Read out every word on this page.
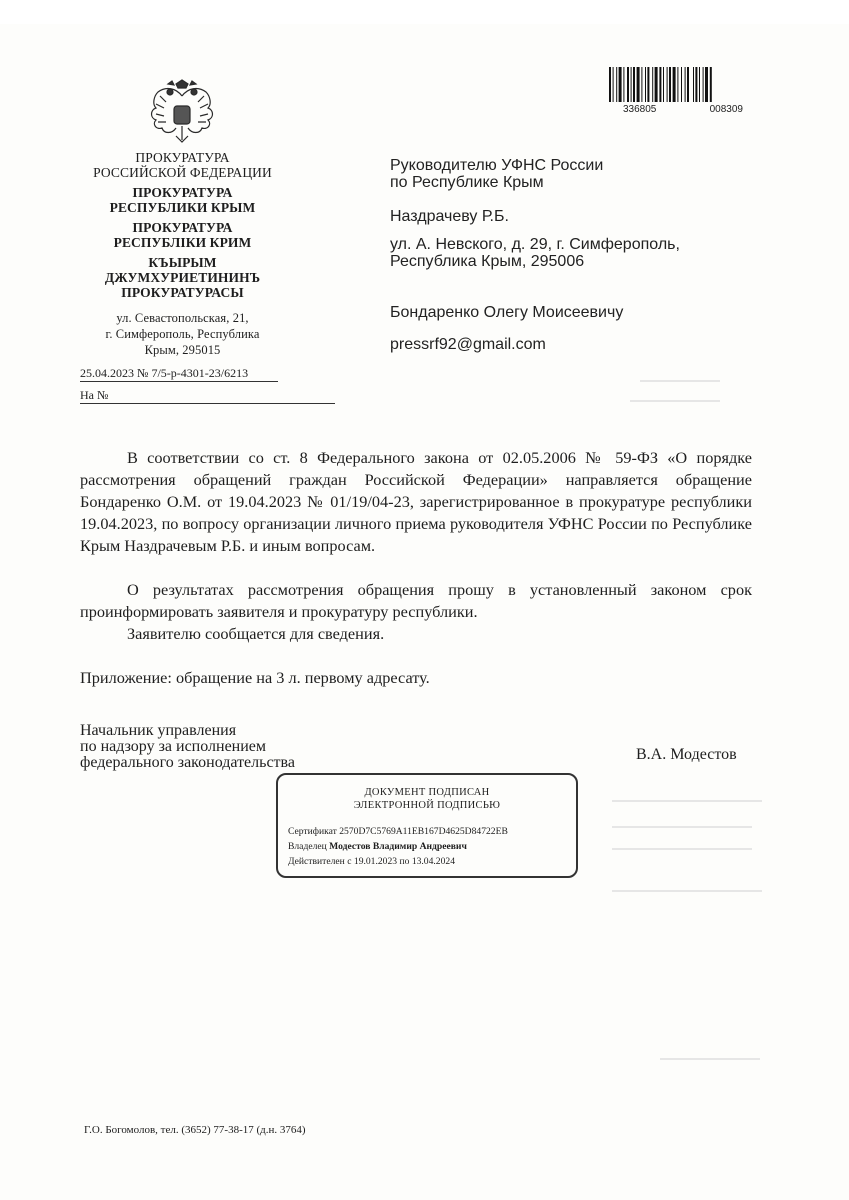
ПРОКУРАТУРА
РОССИЙСКОЙ ФЕДЕРАЦИИ
ПРОКУРАТУРА
РЕСПУБЛИКИ КРЫМ
ПРОКУРАТУРА
РЕСПУБЛІКИ КРИМ
КЪЫРЫМ
ДЖУМХУРИЕТИНИНЪ
ПРОКУРАТУРАСЫ
ул. Севастопольская, 21,
г. Симферополь, Республика
Крым, 295015
25.04.2023 № 7/5-р-4301-23/6213
На №
336805	008309
Руководителю УФНС России
по Республике Крым
Наздрачеву Р.Б.
ул. А. Невского, д. 29, г. Симферополь,
Республика Крым, 295006
Бондаренко Олегу Моисеевичу
pressrf92@gmail.com
В соответствии со ст. 8 Федерального закона от 02.05.2006 № 59-ФЗ «О порядке рассмотрения обращений граждан Российской Федерации» направляется обращение Бондаренко О.М. от 19.04.2023 № 01/19/04-23, зарегистрированное в прокуратуре республики 19.04.2023, по вопросу организации личного приема руководителя УФНС России по Республике Крым Наздрачевым Р.Б. и иным вопросам.
О результатах рассмотрения обращения прошу в установленный законом срок проинформировать заявителя и прокуратуру республики.
Заявителю сообщается для сведения.
Приложение: обращение на 3 л. первому адресату.
Начальник управления
по надзору за исполнением
федерального законодательства	В.А. Модестов
ДОКУМЕНТ ПОДПИСАН
ЭЛЕКТРОННОЙ ПОДПИСЬЮ
Сертификат 2570D7C5769A11EB167D4625D84722EB
Владелец Модестов Владимир Андреевич
Действителен с 19.01.2023 по 13.04.2024
Г.О. Богомолов, тел. (3652) 77-38-17 (д.н. 3764)
